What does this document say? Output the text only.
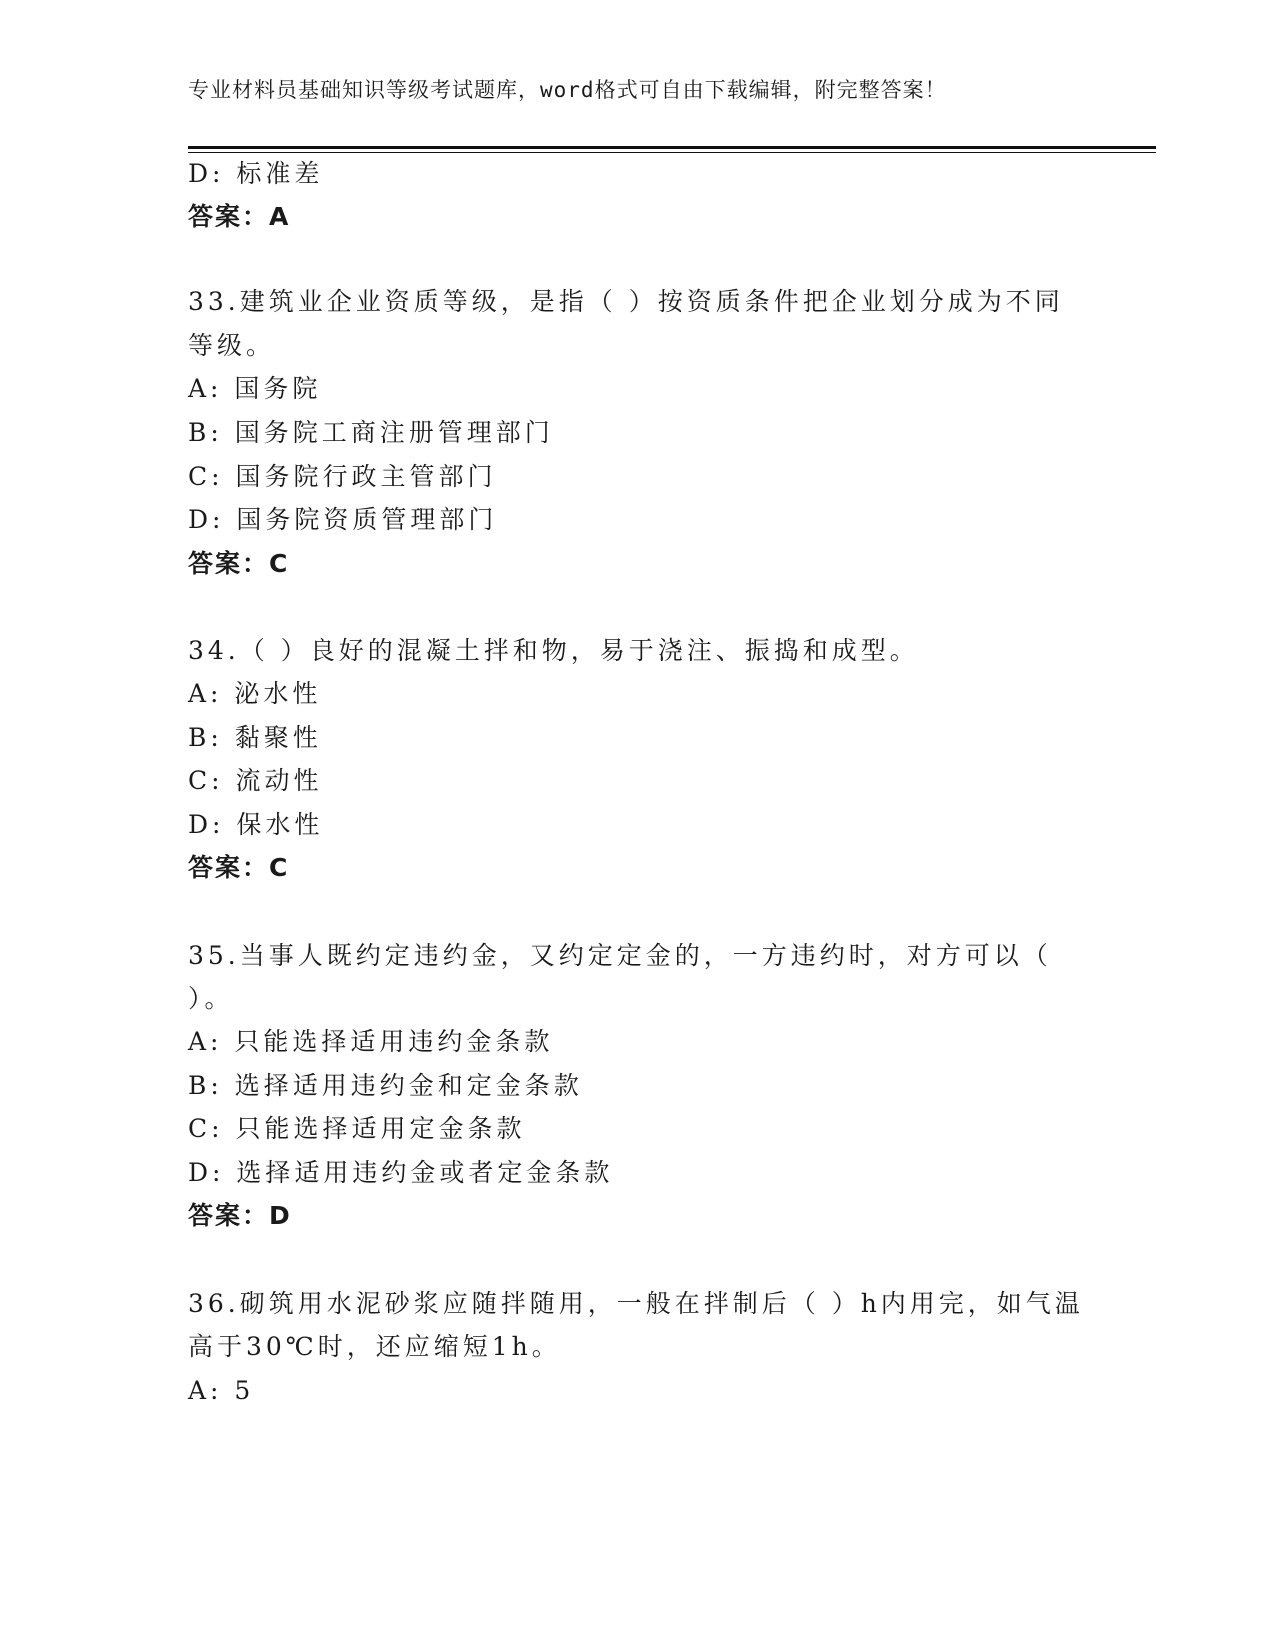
专业材料员基础知识等级考试题库，word格式可自由下载编辑，附完整答案！
D: 标准差
答案：A
33.建筑业企业资质等级，是指（ ）按资质条件把企业划分成为不同
等级。
A: 国务院
B: 国务院工商注册管理部门
C: 国务院行政主管部门
D: 国务院资质管理部门
答案：C
34.（ ）良好的混凝土拌和物，易于浇注、振捣和成型。
A: 泌水性
B: 黏聚性
C: 流动性
D: 保水性
答案：C
35.当事人既约定违约金，又约定定金的，一方违约时，对方可以（
）。
A: 只能选择适用违约金条款
B: 选择适用违约金和定金条款
C: 只能选择适用定金条款
D: 选择适用违约金或者定金条款
答案：D
36.砌筑用水泥砂浆应随拌随用，一般在拌制后（ ）h内用完，如气温
高于30℃时，还应缩短1h。
A: 5
